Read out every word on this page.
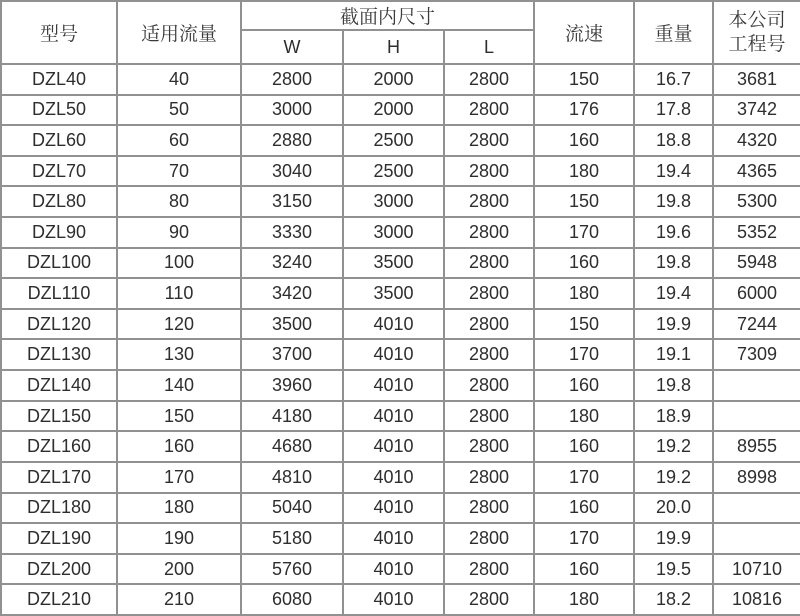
型号	适用流量	截面内尺寸			流速	重量	本公司
工程号

		W	H	L			
DZL40	40	2800	2000	2800	150	16.7	3681
DZL50	50	3000	2000	2800	176	17.8	3742
DZL60	60	2880	2500	2800	160	18.8	4320
DZL70	70	3040	2500	2800	180	19.4	4365
DZL80	80	3150	3000	2800	150	19.8	5300
DZL90	90	3330	3000	2800	170	19.6	5352
DZL100	100	3240	3500	2800	160	19.8	5948
DZL110	110	3420	3500	2800	180	19.4	6000
DZL120	120	3500	4010	2800	150	19.9	7244
DZL130	130	3700	4010	2800	170	19.1	7309
DZL140	140	3960	4010	2800	160	19.8	
DZL150	150	4180	4010	2800	180	18.9	
DZL160	160	4680	4010	2800	160	19.2	8955
DZL170	170	4810	4010	2800	170	19.2	8998
DZL180	180	5040	4010	2800	160	20.0	
DZL190	190	5180	4010	2800	170	19.9	
DZL200	200	5760	4010	2800	160	19.5	10710
DZL210	210	6080	4010	2800	180	18.2	10816
